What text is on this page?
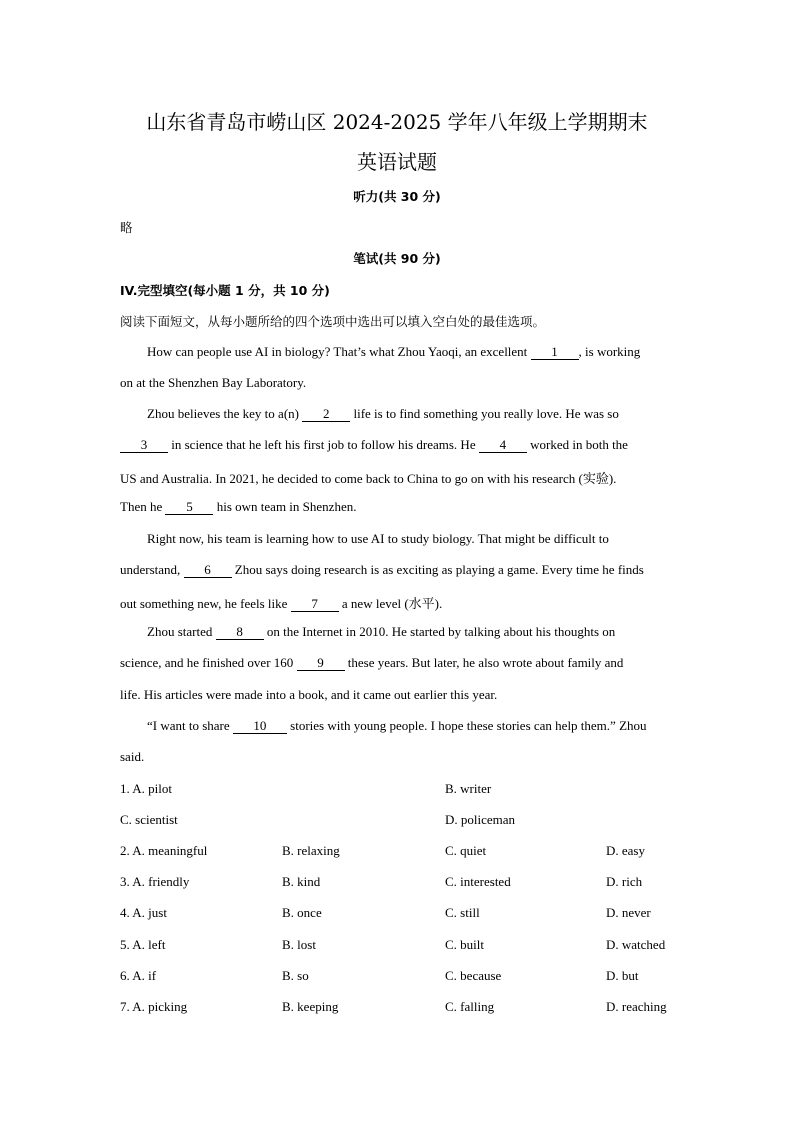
山东省青岛市崂山区 2024-2025 学年八年级上学期期末
英语试题
听力(共 30 分)
略
笔试(共 90 分)
IV.完型填空(每小题 1 分，共 10 分)
阅读下面短文，从每小题所给的四个选项中选出可以填入空白处的最佳选项。
How can people use AI in biology? That’s what Zhou Yaoqi, an excellent 1 , is working
on at the Shenzhen Bay Laboratory.
Zhou believes the key to a(n) 2 life is to find something you really love. He was so
3 in science that he left his first job to follow his dreams. He 4 worked in both the
US and Australia. In 2021, he decided to come back to China to go on with his research (实验).
Then he 5 his own team in Shenzhen.
Right now, his team is learning how to use AI to study biology. That might be difficult to
understand, 6 Zhou says doing research is as exciting as playing a game. Every time he finds
out something new, he feels like 7 a new level (水平).
Zhou started 8 on the Internet in 2010. He started by talking about his thoughts on
science, and he finished over 160 9 these years. But later, he also wrote about family and
life. His articles were made into a book, and it came out earlier this year.
“I want to share 10 stories with young people. I hope these stories can help them.” Zhou
said.
1. A. pilot	B. writer
C. scientist	D. policeman
2. A. meaningful	B. relaxing	C. quiet	D. easy
3. A. friendly	B. kind	C. interested	D. rich
4. A. just	B. once	C. still	D. never
5. A. left	B. lost	C. built	D. watched
6. A. if	B. so	C. because	D. but
7. A. picking	B. keeping	C. falling	D. reaching
